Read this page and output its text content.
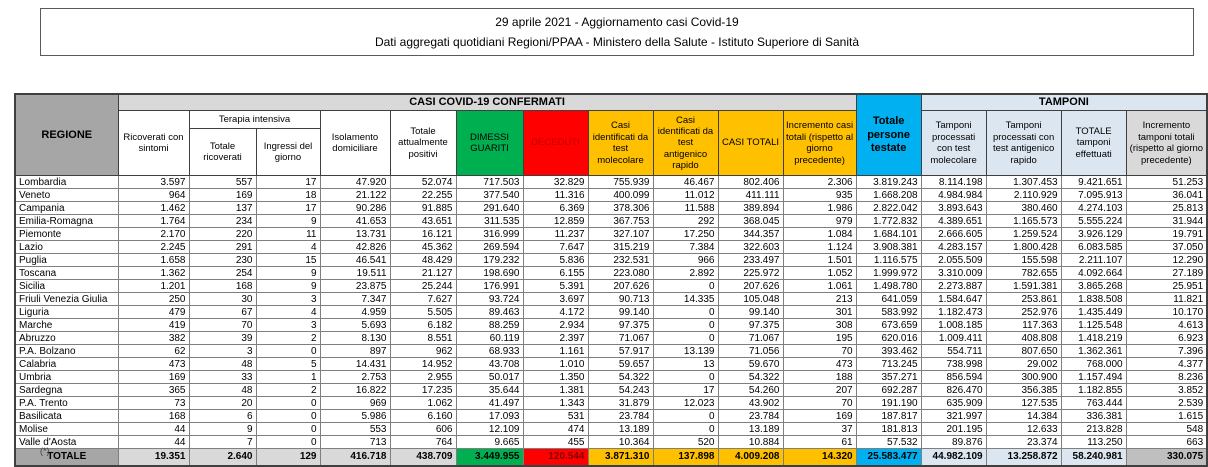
29 aprile 2021 - Aggiornamento casi Covid-19
Dati aggregati quotidiani Regioni/PPAA - Ministero della Salute - Istituto Superiore di Sanità
REGIONE	CASI COVID-19 CONFERMATI											Totale persone testate	TAMPONI			
	Ricoverati con sintomi	Terapia intensiva		Isolamento domiciliare	Totale attualmente positivi	DIMESSI GUARITI	DECEDUTI	Casi identificati da test molecolare	Casi identificati da test antigenico rapido	CASI TOTALI	Incremento casi totali (rispetto al giorno precedente)		Tamponi processati con test molecolare	Tamponi processati con test antigenico rapido	TOTALE tamponi effettuati	Incremento tamponi totali (rispetto al giorno precedente)
		Totale ricoverati	Ingressi del giorno													
Lombardia	3.597	557	17	47.920	52.074	717.503	32.829	755.939	46.467	802.406	2.306	3.819.243	8.114.198	1.307.453	9.421.651	51.253
Veneto	964	169	18	21.122	22.255	377.540	11.316	400.099	11.012	411.111	935	1.668.208	4.984.984	2.110.929	7.095.913	36.041
Campania	1.462	137	17	90.286	91.885	291.640	6.369	378.306	11.588	389.894	1.986	2.822.042	3.893.643	380.460	4.274.103	25.813
Emilia-Romagna	1.764	234	9	41.653	43.651	311.535	12.859	367.753	292	368.045	979	1.772.832	4.389.651	1.165.573	5.555.224	31.944
Piemonte	2.170	220	11	13.731	16.121	316.999	11.237	327.107	17.250	344.357	1.084	1.684.101	2.666.605	1.259.524	3.926.129	19.791
Lazio	2.245	291	4	42.826	45.362	269.594	7.647	315.219	7.384	322.603	1.124	3.908.381	4.283.157	1.800.428	6.083.585	37.050
Puglia	1.658	230	15	46.541	48.429	179.232	5.836	232.531	966	233.497	1.501	1.116.575	2.055.509	155.598	2.211.107	12.290
Toscana	1.362	254	9	19.511	21.127	198.690	6.155	223.080	2.892	225.972	1.052	1.999.972	3.310.009	782.655	4.092.664	27.189
Sicilia	1.201	168	9	23.875	25.244	176.991	5.391	207.626	0	207.626	1.061	1.498.780	2.273.887	1.591.381	3.865.268	25.951
Friuli Venezia Giulia	250	30	3	7.347	7.627	93.724	3.697	90.713	14.335	105.048	213	641.059	1.584.647	253.861	1.838.508	11.821
Liguria	479	67	4	4.959	5.505	89.463	4.172	99.140	0	99.140	301	583.992	1.182.473	252.976	1.435.449	10.170
Marche	419	70	3	5.693	6.182	88.259	2.934	97.375	0	97.375	308	673.659	1.008.185	117.363	1.125.548	4.613
Abruzzo	382	39	2	8.130	8.551	60.119	2.397	71.067	0	71.067	195	620.016	1.009.411	408.808	1.418.219	6.923
P.A. Bolzano	62	3	0	897	962	68.933	1.161	57.917	13.139	71.056	70	393.462	554.711	807.650	1.362.361	7.396
Calabria	473	48	5	14.431	14.952	43.708	1.010	59.657	13	59.670	473	713.245	738.998	29.002	768.000	4.377
Umbria	169	33	1	2.753	2.955	50.017	1.350	54.322	0	54.322	188	357.271	856.594	300.900	1.157.494	8.236
Sardegna	365	48	2	16.822	17.235	35.644	1.381	54.243	17	54.260	207	692.287	826.470	356.385	1.182.855	3.852
P.A. Trento	73	20	0	969	1.062	41.497	1.343	31.879	12.023	43.902	70	191.190	635.909	127.535	763.444	2.539
Basilicata	168	6	0	5.986	6.160	17.093	531	23.784	0	23.784	169	187.817	321.997	14.384	336.381	1.615
Molise	44	9	0	553	606	12.109	474	13.189	0	13.189	37	181.813	201.195	12.633	213.828	548
Valle d'Aosta	44	7	0	713	764	9.665	455	10.364	520	10.884	61	57.532	89.876	23.374	113.250	663
TOTALE	19.351	2.640	129	416.718	438.709	3.449.955	120.544	3.871.310	137.898	4.009.208	14.320	25.583.477	44.982.109	13.258.872	58.240.981	330.075
(*)
